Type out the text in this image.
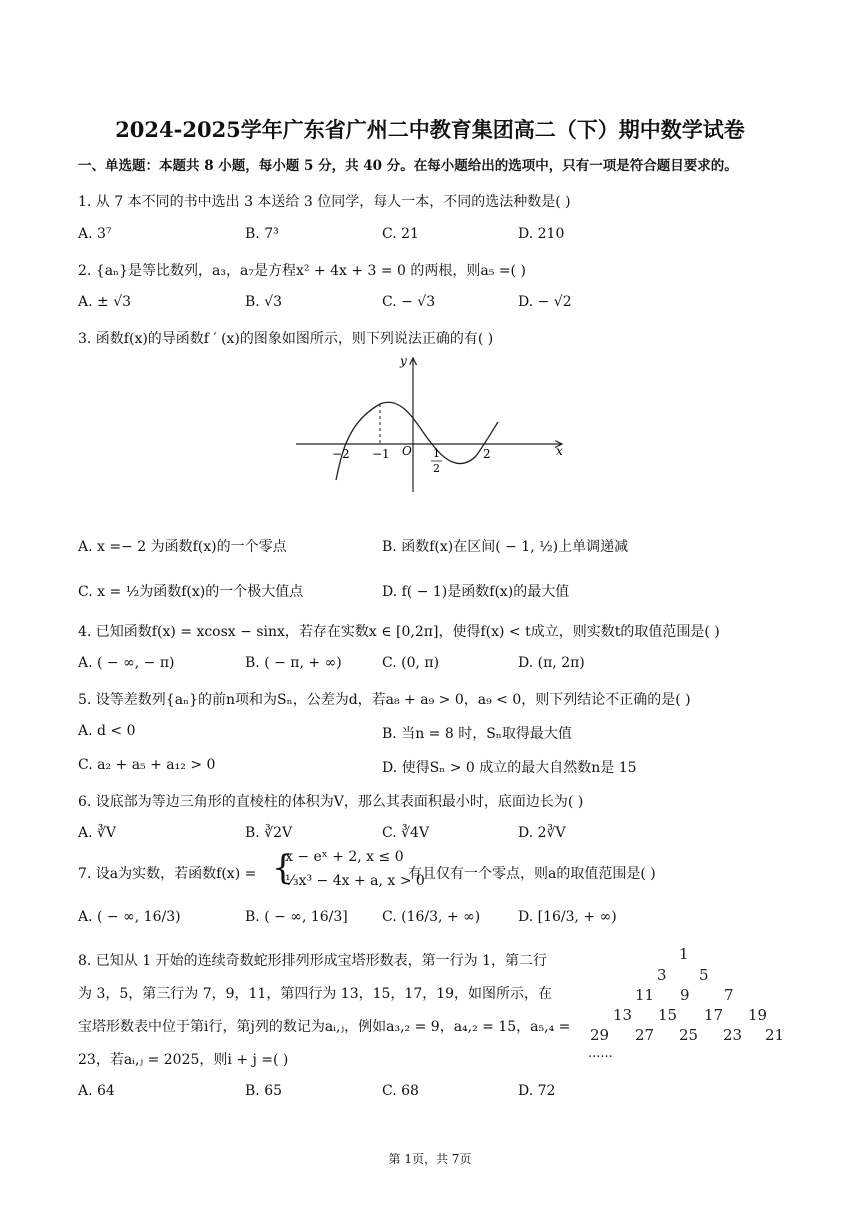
2024-2025学年广东省广州二中教育集团高二（下）期中数学试卷
一、单选题：本题共 8 小题，每小题 5 分，共 40 分。在每小题给出的选项中，只有一项是符合题目要求的。
1. 从 7 本不同的书中选出 3 本送给 3 位同学，每人一本，不同的选法种数是( )
A. 3⁷	B. 7³	C. 21	D. 210
2. {aₙ}是等比数列，a₃，a₇是方程x² + 4x + 3 = 0 的两根，则a₅ =( )
A. ± √3	B. √3	C. − √3	D. − √2
3. 函数f(x)的导函数f ′ (x)的图象如图所示，则下列说法正确的有( )
y
x
O
−2 −1	1
2
2
A. x =− 2 为函数f(x)的一个零点	B. 函数f(x)在区间( − 1, ½)上单调递减
C. x = ½为函数f(x)的一个极大值点	D. f( − 1)是函数f(x)的最大值
4. 已知函数f(x) = xcosx − sinx，若存在实数x ∈ [0,2π]，使得f(x) < t成立，则实数t的取值范围是( )
A. ( − ∞, − π)	B. ( − π, + ∞)	C. (0, π)	D. (π, 2π)
5. 设等差数列{aₙ}的前n项和为Sₙ，公差为d，若a₈ + a₉ > 0，a₉ < 0，则下列结论不正确的是( )
A. d < 0	B. 当n = 8 时，Sₙ取得最大值
C. a₂ + a₅ + a₁₂ > 0	D. 使得Sₙ > 0 成立的最大自然数n是 15
6. 设底部为等边三角形的直棱柱的体积为V，那么其表面积最小时，底面边长为( )
A. ∛V	B. ∛2V	C. ∛4V	D. 2∛V
7. 设a为实数，若函数f(x) = {
x − eˣ + 2, x ≤ 0
⅓x³ − 4x + a, x > 0
有且仅有一个零点，则a的取值范围是( )
A. ( − ∞, 16/3)	B. ( − ∞, 16/3] C. (16/3, + ∞)	D. [16/3, + ∞)
8. 已知从 1 开始的连续奇数蛇形排列形成宝塔形数表，第一行为 1，第二行
为 3，5，第三行为 7，9，11，第四行为 13，15，17，19，如图所示，在
宝塔形数表中位于第i行，第j列的数记为aᵢ,ⱼ，例如a₃,₂ = 9，a₄,₂ = 15，a₅,₄ =
23，若aᵢ,ⱼ = 2025，则i + j =( )
1
3 5
11 9 7
13 15 17 19
29 27 25 23 21
......
A. 64	B. 65	C. 68	D. 72
第 1页，共 7页
